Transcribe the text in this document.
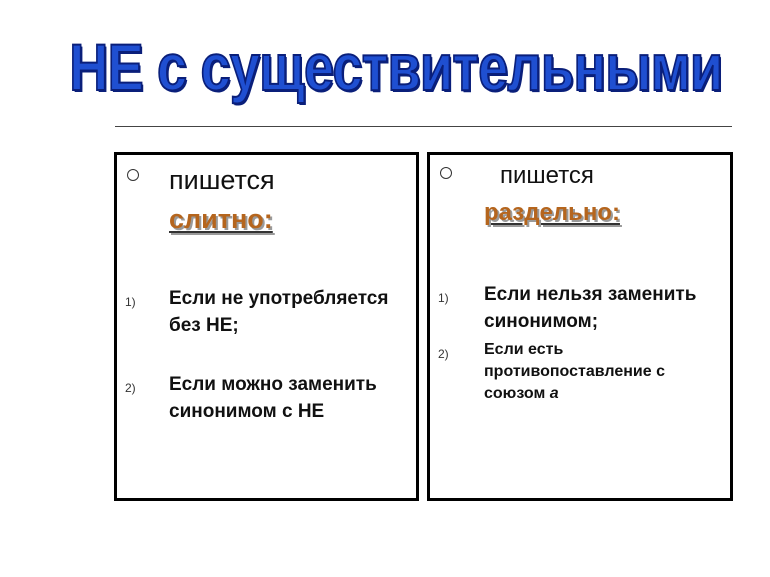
НЕ с существительными
пишется
слитно:
1) Если не употребляется без НЕ;
2) Если можно заменить синонимом с НЕ
пишется
раздельно:
1) Если нельзя заменить синонимом;
2) Если есть противопоставление с союзом а
